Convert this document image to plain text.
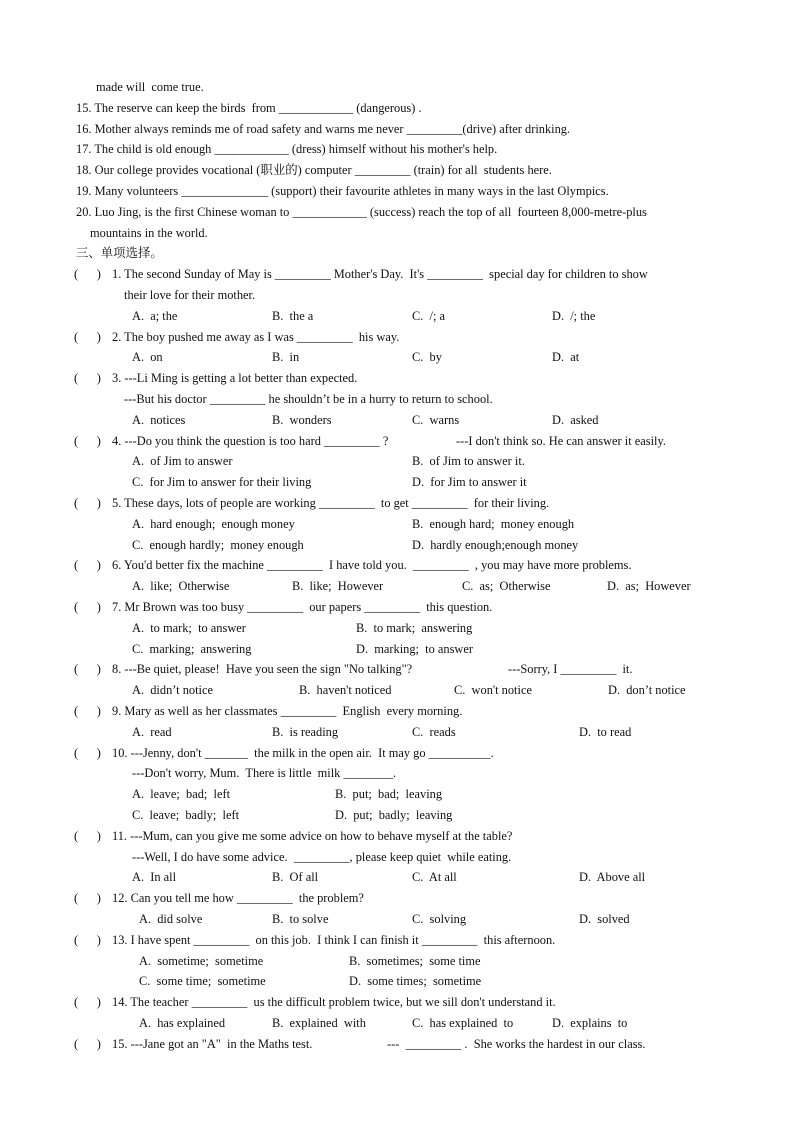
made will  come true.
15. The reserve can keep the birds  from ____________ (dangerous) .
16. Mother always reminds me of road safety and warns me never _________(drive) after drinking.
17. The child is old enough ____________ (dress) himself without his mother's help.
18. Our college provides vocational (职业的) computer _________ (train) for all  students here.
19. Many volunteers ______________ (support) their favourite athletes in many ways in the last Olympics.
20. Luo Jing, is the first Chinese woman to ____________ (success) reach the top of all  fourteen 8,000-metre-plus
mountains in the world.
三、单项选择。
(      ) 1. The second Sunday of May is _________ Mother's Day.  It's _________  special day for children to show
their love for their mother.
A.  a; the	B.  the a	C.  /; a	D.  /; the
(      ) 2. The boy pushed me away as I was _________  his way.
A.  on	B.  in	C.  by	D.  at
(      ) 3. ---Li Ming is getting a lot better than expected.
---But his doctor _________ he shouldn’t be in a hurry to return to school.
A.  notices	B.  wonders	C.  warns	D.  asked
(      ) 4. ---Do you think the question is too hard _________ ?	---I don't think so. He can answer it easily.
A.  of Jim to answer	B.  of Jim to answer it.
C.  for Jim to answer for their living	D.  for Jim to answer it
(      ) 5. These days, lots of people are working _________  to get _________  for their living.
A.  hard enough;  enough money	B.  enough hard;  money enough
C.  enough hardly;  money enough	D.  hardly enough;enough money
(      ) 6. You'd better fix the machine _________  I have told you.  _________  , you may have more problems.
A.  like;  Otherwise	B.  like;  However	C.  as;  Otherwise	D.  as;  However
(      ) 7. Mr Brown was too busy _________  our papers _________  this question.
A.  to mark;  to answer	B.  to mark;  answering
C.  marking;  answering	D.  marking;  to answer
(      ) 8. ---Be quiet, please!  Have you seen the sign "No talking"?	---Sorry, I _________  it.
A.  didn’t notice	B.  haven't noticed	C.  won't notice	D.  don’t notice
(      ) 9. Mary as well as her classmates _________  English  every morning.
A.  read	B.  is reading	C.  reads	D.  to read
(      ) 10. ---Jenny, don't _______  the milk in the open air.  It may go __________.
---Don't worry, Mum.  There is little  milk ________.
A.  leave;  bad;  left	B.  put;  bad;  leaving
C.  leave;  badly;  left	D.  put;  badly;  leaving
(      ) 11. ---Mum, can you give me some advice on how to behave myself at the table?
---Well, I do have some advice.  _________, please keep quiet  while eating.
A.  In all	B.  Of all	C.  At all	D.  Above all
(      ) 12. Can you tell me how _________  the problem?
A.  did solve	B.  to solve	C.  solving	D.  solved
(      ) 13. I have spent _________  on this job.  I think I can finish it _________  this afternoon.
A.  sometime;  sometime	B.  sometimes;  some time
C.  some time;  sometime	D.  some times;  sometime
(      ) 14. The teacher _________  us the difficult problem twice, but we sill don't understand it.
A.  has explained	B.  explained  with	C.  has explained  to	D.  explains  to
(      ) 15. ---Jane got an "A"  in the Maths test.	---  _________ .  She works the hardest in our class.
